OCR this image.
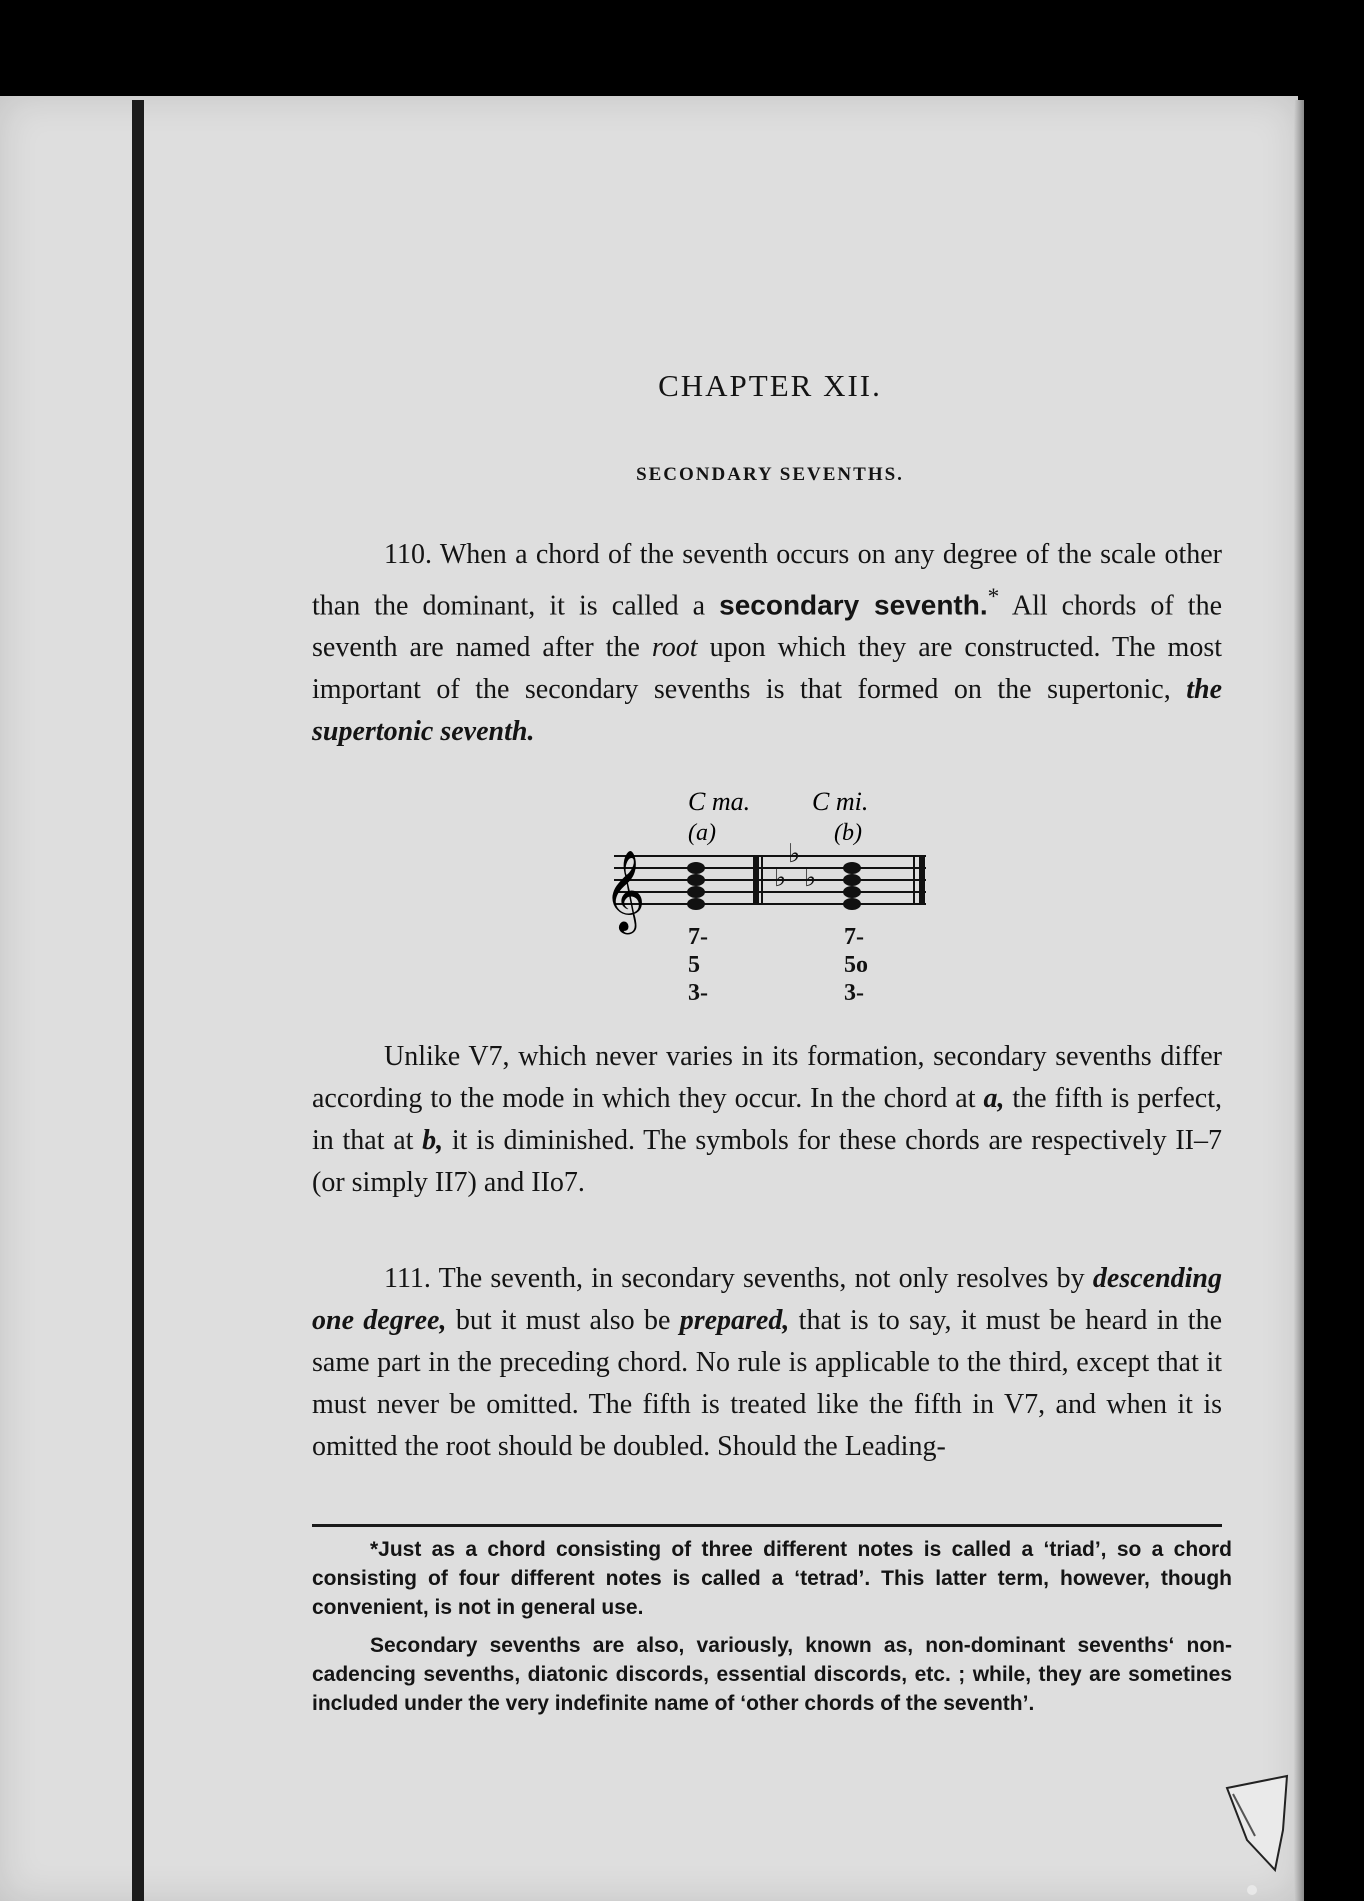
CHAPTER XII.
SECONDARY SEVENTHS.

110. When a chord of the seventh occurs on any degree of the scale other than the dominant, it is called a secondary seventh.* All chords of the seventh are named after the root upon which they are constructed. The most important of the secondary sevenths is that formed on the supertonic, the supertonic seventh.

C ma. C mi.
(a)	(b)
𝄞	♭
♭ ♭
7-
5
3-
7-
5o
3-

Unlike V7, which never varies in its formation, secondary sevenths differ according to the mode in which they occur. In the chord at a, the fifth is perfect, in that at b, it is diminished. The symbols for these chords are respectively II–7 (or simply II7) and IIo7.

111. The seventh, in secondary sevenths, not only resolves by descending one degree, but it must also be prepared, that is to say, it must be heard in the same part in the preceding chord. No rule is applicable to the third, except that it must never be omitted. The fifth is treated like the fifth in V7, and when it is omitted the root should be doubled. Should the Leading-

*Just as a chord consisting of three different notes is called a ‘triad’, so a chord consisting of four different notes is called a ‘tetrad’. This latter term, however, though convenient, is not in general use.

Secondary sevenths are also, variously, known as, non-dominant sevenths‘ non-cadencing sevenths, diatonic discords, essential discords, etc. ; while, they are sometines included under the very indefinite name of ‘other chords of the seventh’.
